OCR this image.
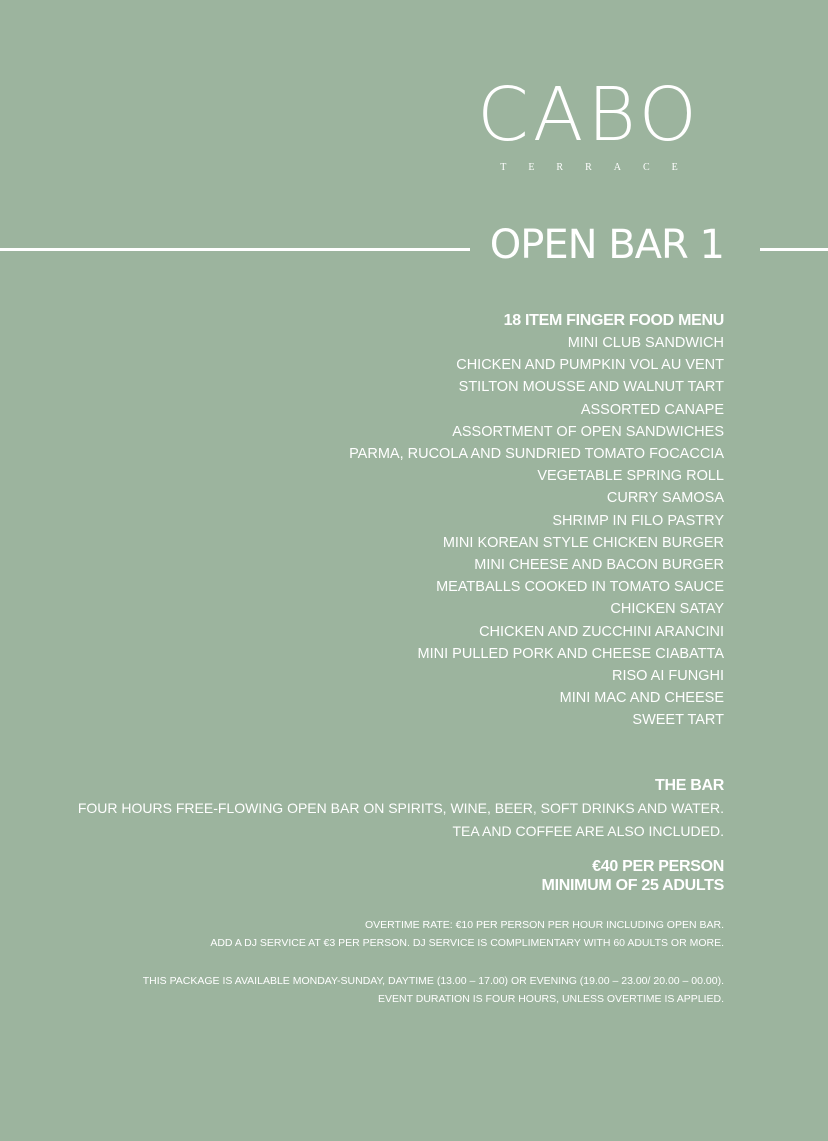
CABO
TERRACE
OPEN BAR 1
18 ITEM FINGER FOOD MENU
MINI CLUB SANDWICH
CHICKEN AND PUMPKIN VOL AU VENT
STILTON MOUSSE AND WALNUT TART
ASSORTED CANAPE
ASSORTMENT OF OPEN SANDWICHES
PARMA, RUCOLA AND SUNDRIED TOMATO FOCACCIA
VEGETABLE SPRING ROLL
CURRY SAMOSA
SHRIMP IN FILO PASTRY
MINI KOREAN STYLE CHICKEN BURGER
MINI CHEESE AND BACON BURGER
MEATBALLS COOKED IN TOMATO SAUCE
CHICKEN SATAY
CHICKEN AND ZUCCHINI ARANCINI
MINI PULLED PORK AND CHEESE CIABATTA
RISO AI FUNGHI
MINI MAC AND CHEESE
SWEET TART
THE BAR
FOUR HOURS FREE-FLOWING OPEN BAR ON SPIRITS, WINE, BEER, SOFT DRINKS AND WATER.
TEA AND COFFEE ARE ALSO INCLUDED.
€40 PER PERSON
MINIMUM OF 25 ADULTS
OVERTIME RATE: €10 PER PERSON PER HOUR INCLUDING OPEN BAR.
ADD A DJ SERVICE AT €3 PER PERSON. DJ SERVICE IS COMPLIMENTARY WITH 60 ADULTS OR MORE.
THIS PACKAGE IS AVAILABLE MONDAY-SUNDAY, DAYTIME (13.00 – 17.00) OR EVENING (19.00 – 23.00/ 20.00 – 00.00).
EVENT DURATION IS FOUR HOURS, UNLESS OVERTIME IS APPLIED.
